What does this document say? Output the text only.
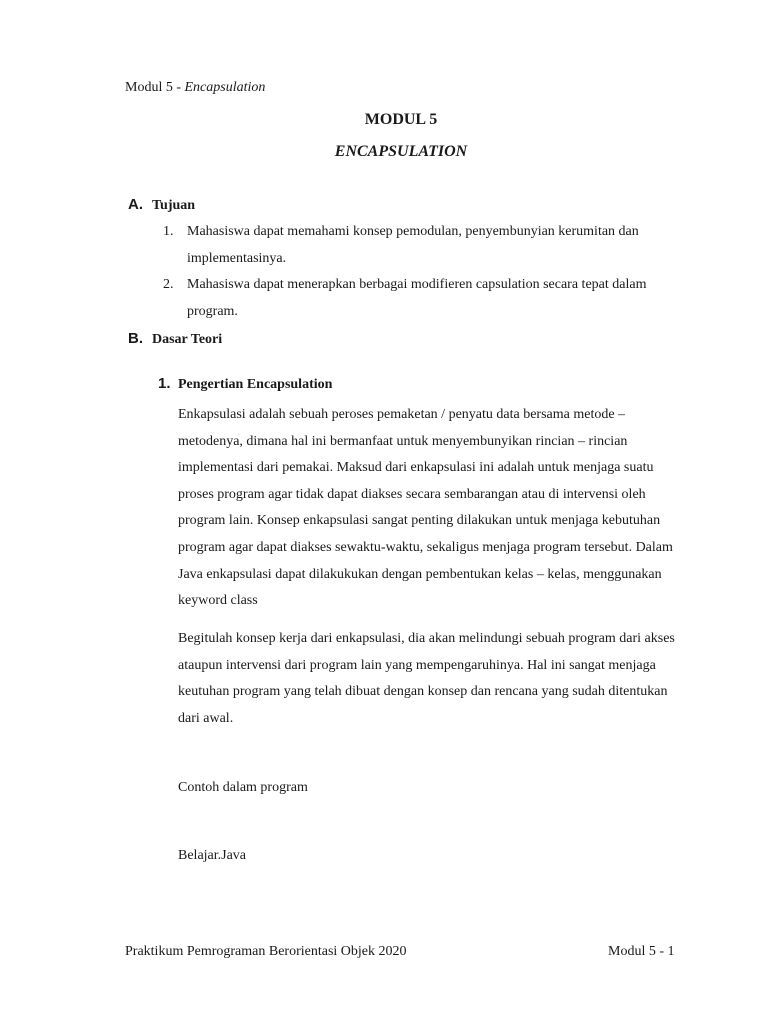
Modul 5 - Encapsulation
MODUL 5
ENCAPSULATION
A. Tujuan
1. Mahasiswa dapat memahami konsep pemodulan, penyembunyian kerumitan dan implementasinya.
2. Mahasiswa dapat menerapkan berbagai modifieren capsulation secara tepat dalam program.
B. Dasar Teori
1. Pengertian Encapsulation
Enkapsulasi adalah sebuah peroses pemaketan / penyatu data bersama metode – metodenya, dimana hal ini bermanfaat untuk menyembunyikan rincian – rincian implementasi dari pemakai. Maksud dari enkapsulasi ini adalah untuk menjaga suatu proses program agar tidak dapat diakses secara sembarangan atau di intervensi oleh program lain. Konsep enkapsulasi sangat penting dilakukan untuk menjaga kebutuhan program agar dapat diakses sewaktu-waktu, sekaligus menjaga program tersebut. Dalam Java enkapsulasi dapat dilakukukan dengan pembentukan kelas – kelas, menggunakan keyword class
Begitulah konsep kerja dari enkapsulasi, dia akan melindungi sebuah program dari akses ataupun intervensi dari program lain yang mempengaruhinya. Hal ini sangat menjaga keutuhan program yang telah dibuat dengan konsep dan rencana yang sudah ditentukan dari awal.
Contoh dalam program
Belajar.Java
Praktikum Pemrograman Berorientasi Objek 2020	Modul 5 - 1
